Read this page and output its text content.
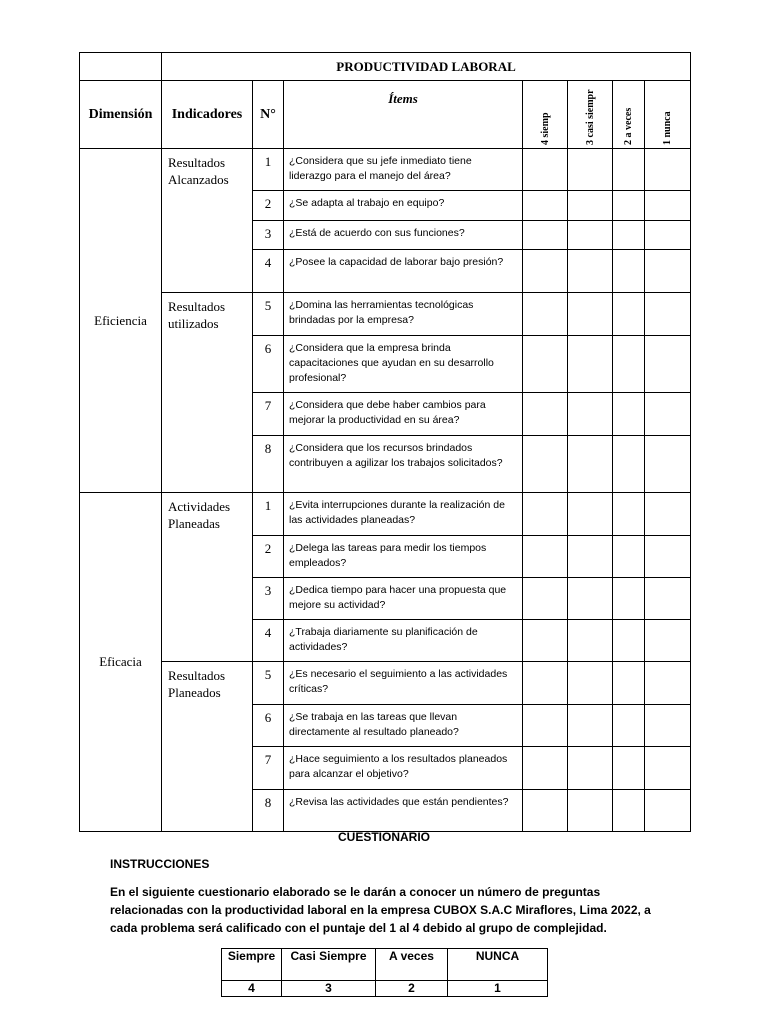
	PRODUCTIVIDAD LABORAL						
Dimensión	Indicadores	N°	Ítems	4 siemp	3 casi siempr	2 a veces	1 nunca

Eficiencia	Resultados Alcanzados	1	¿Considera que su jefe inmediato tiene liderazgo para el manejo del área?				
		2	¿Se adapta al trabajo en equipo?				
		3	¿Está de acuerdo con sus funciones?				
		4	¿Posee la capacidad de laborar bajo presión?				
	Resultados utilizados	5	¿Domina las herramientas tecnológicas brindadas por la empresa?				
		6	¿Considera que la empresa brinda capacitaciones que ayudan en su desarrollo profesional?				
		7	¿Considera que debe haber cambios para mejorar la productividad en su área?				
		8	¿Considera que los recursos brindados contribuyen a agilizar los trabajos solicitados?				
Eficacia	Actividades Planeadas	1	¿Evita interrupciones durante la realización de las actividades planeadas?				
		2	¿Delega las tareas para medir los tiempos empleados?				
		3	¿Dedica tiempo para hacer una propuesta que mejore su actividad?				
		4	¿Trabaja diariamente su planificación de actividades?				
	Resultados Planeados	5	¿Es necesario el seguimiento a las actividades críticas?				
		6	¿Se trabaja en las tareas que llevan directamente al resultado planeado?				
		7	¿Hace seguimiento a los resultados planeados para alcanzar el objetivo?				
		8	¿Revisa las actividades que están pendientes?				
CUESTIONARIO
INSTRUCCIONES
En el siguiente cuestionario elaborado se le darán a conocer un número de preguntas relacionadas con la productividad laboral en la empresa CUBOX S.A.C Miraflores, Lima 2022, a cada problema será calificado con el puntaje del 1 al 4 debido al grupo de complejidad.
Siempre	Casi Siempre	A veces	NUNCA
4	3	2	1
